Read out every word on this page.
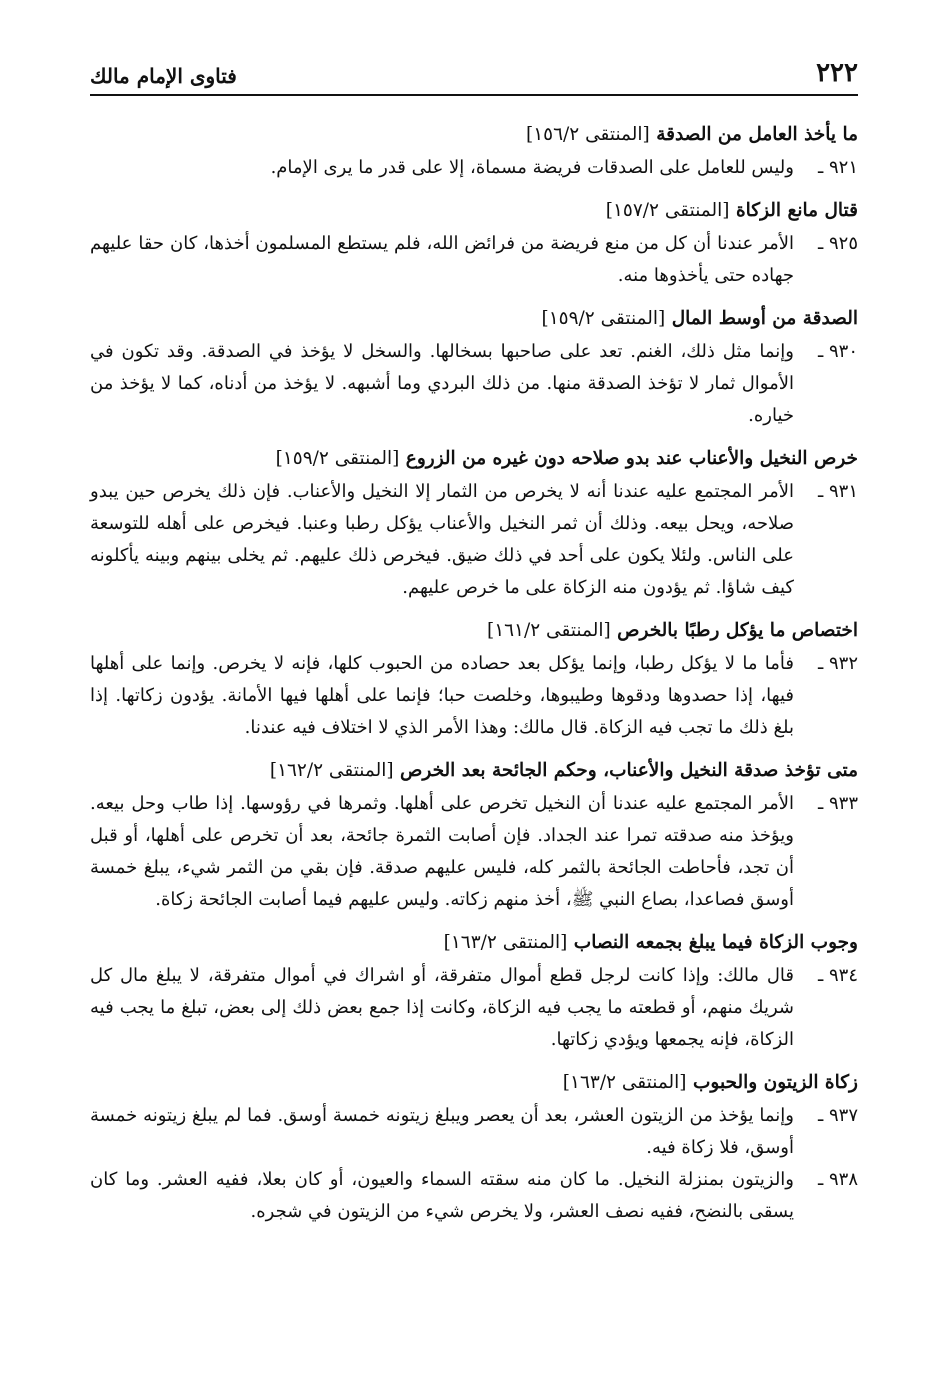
٢٢٢
فتاوى الإمام مالك
ما يأخذ العامل من الصدقة [المنتقى ١٥٦/٢]
٩٢١ ـ
وليس للعامل على الصدقات فريضة مسماة، إلا على قدر ما يرى الإمام.
قتال مانع الزكاة [المنتقى ١٥٧/٢]
٩٢٥ ـ
الأمر عندنا أن كل من منع فريضة من فرائض الله، فلم يستطع المسلمون أخذها، كان حقا عليهم جهاده حتى يأخذوها منه.
الصدقة من أوسط المال [المنتقى ١٥٩/٢]
٩٣٠ ـ
وإنما مثل ذلك، الغنم. تعد على صاحبها بسخالها. والسخل لا يؤخذ في الصدقة. وقد تكون في الأموال ثمار لا تؤخذ الصدقة منها. من ذلك البردي وما أشبهه. لا يؤخذ من أدناه، كما لا يؤخذ من خياره.
خرص النخيل والأعناب عند بدو صلاحه دون غيره من الزروع [المنتقى ١٥٩/٢]
٩٣١ ـ
الأمر المجتمع عليه عندنا أنه لا يخرص من الثمار إلا النخيل والأعناب. فإن ذلك يخرص حين يبدو صلاحه، ويحل بيعه. وذلك أن ثمر النخيل والأعناب يؤكل رطبا وعنبا. فيخرص على أهله للتوسعة على الناس. ولئلا يكون على أحد في ذلك ضيق. فيخرص ذلك عليهم. ثم يخلى بينهم وبينه يأكلونه كيف شاؤا. ثم يؤدون منه الزكاة على ما خرص عليهم.
اختصاص ما يؤكل رطبًا بالخرص [المنتقى ١٦١/٢]
٩٣٢ ـ
فأما ما لا يؤكل رطبا، وإنما يؤكل بعد حصاده من الحبوب كلها، فإنه لا يخرص. وإنما على أهلها فيها، إذا حصدوها ودقوها وطيبوها، وخلصت حبا؛ فإنما على أهلها فيها الأمانة. يؤدون زكاتها. إذا بلغ ذلك ما تجب فيه الزكاة. قال مالك: وهذا الأمر الذي لا اختلاف فيه عندنا.
متى تؤخذ صدقة النخيل والأعناب، وحكم الجائحة بعد الخرص [المنتقى ١٦٢/٢]
٩٣٣ ـ
الأمر المجتمع عليه عندنا أن النخيل تخرص على أهلها. وثمرها في رؤوسها. إذا طاب وحل بيعه. ويؤخذ منه صدقته تمرا عند الجداد. فإن أصابت الثمرة جائحة، بعد أن تخرص على أهلها، أو قبل أن تجد، فأحاطت الجائحة بالثمر كله، فليس عليهم صدقة. فإن بقي من الثمر شيء، يبلغ خمسة أوسق فصاعدا، بصاع النبي ﷺ، أخذ منهم زكاته. وليس عليهم فيما أصابت الجائحة زكاة.
وجوب الزكاة فيما يبلغ بجمعه النصاب [المنتقى ١٦٣/٢]
٩٣٤ ـ
قال مالك: وإذا كانت لرجل قطع أموال متفرقة، أو اشراك في أموال متفرقة، لا يبلغ مال كل شريك منهم، أو قطعته ما يجب فيه الزكاة، وكانت إذا جمع بعض ذلك إلى بعض، تبلغ ما يجب فيه الزكاة، فإنه يجمعها ويؤدي زكاتها.
زكاة الزيتون والحبوب [المنتقى ١٦٣/٢]
٩٣٧ ـ
وإنما يؤخذ من الزيتون العشر، بعد أن يعصر ويبلغ زيتونه خمسة أوسق. فما لم يبلغ زيتونه خمسة أوسق، فلا زكاة فيه.
٩٣٨ ـ
والزيتون بمنزلة النخيل. ما كان منه سقته السماء والعيون، أو كان بعلا، ففيه العشر. وما كان يسقى بالنضح، ففيه نصف العشر، ولا يخرص شيء من الزيتون في شجره.
